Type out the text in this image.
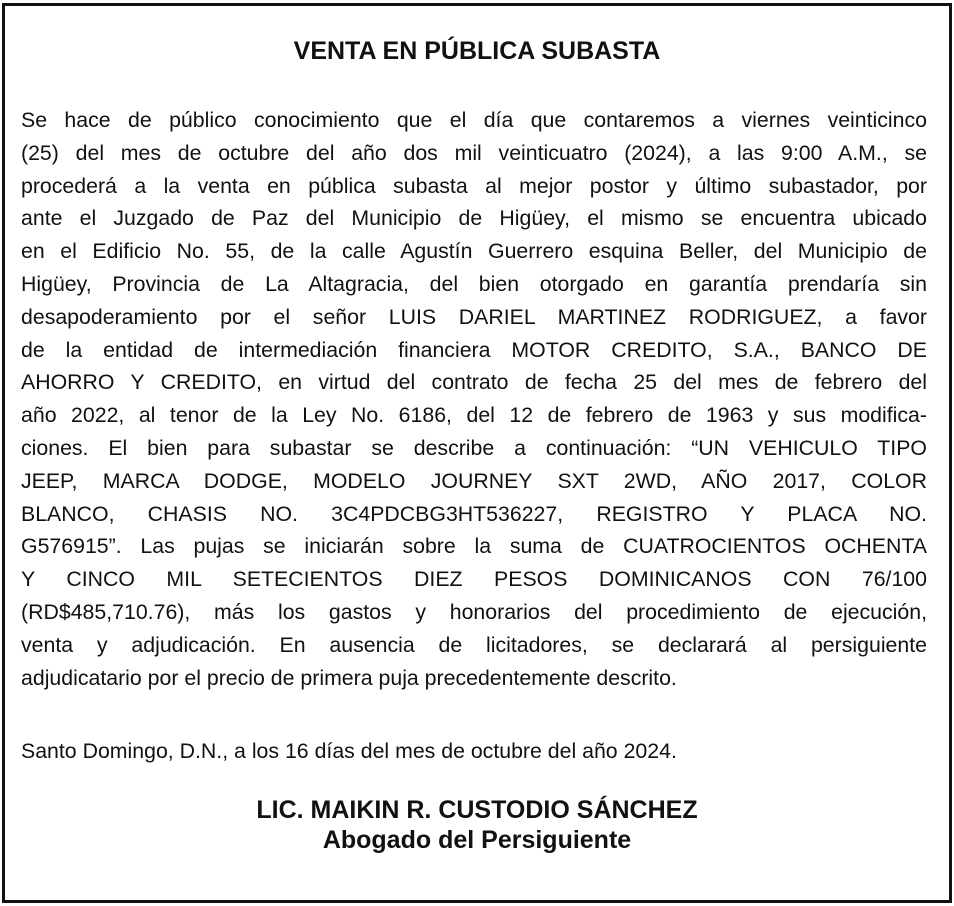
VENTA EN PÚBLICA SUBASTA

Se hace de público conocimiento que el día que contaremos a viernes veinticinco
(25) del mes de octubre del año dos mil veinticuatro (2024), a las 9:00 A.M., se
procederá a la venta en pública subasta al mejor postor y último subastador, por
ante el Juzgado de Paz del Municipio de Higüey, el mismo se encuentra ubicado
en el Edificio No. 55, de la calle Agustín Guerrero esquina Beller, del Municipio de
Higüey, Provincia de La Altagracia, del bien otorgado en garantía prendaría sin
desapoderamiento por el señor LUIS DARIEL MARTINEZ RODRIGUEZ, a favor
de la entidad de intermediación financiera MOTOR CREDITO, S.A., BANCO DE
AHORRO Y CREDITO, en virtud del contrato de fecha 25 del mes de febrero del
año 2022, al tenor de la Ley No. 6186, del 12 de febrero de 1963 y sus modifica-
ciones. El bien para subastar se describe a continuación: “UN VEHICULO TIPO
JEEP, MARCA DODGE, MODELO JOURNEY SXT 2WD, AÑO 2017, COLOR
BLANCO, CHASIS NO. 3C4PDCBG3HT536227, REGISTRO Y PLACA NO.
G576915”. Las pujas se iniciarán sobre la suma de CUATROCIENTOS OCHENTA
Y CINCO MIL SETECIENTOS DIEZ PESOS DOMINICANOS CON 76/100
(RD$485,710.76), más los gastos y honorarios del procedimiento de ejecución,
venta y adjudicación. En ausencia de licitadores, se declarará al persiguiente
adjudicatario por el precio de primera puja precedentemente descrito.

Santo Domingo, D.N., a los 16 días del mes de octubre del año 2024.

LIC. MAIKIN R. CUSTODIO SÁNCHEZ
Abogado del Persiguiente
